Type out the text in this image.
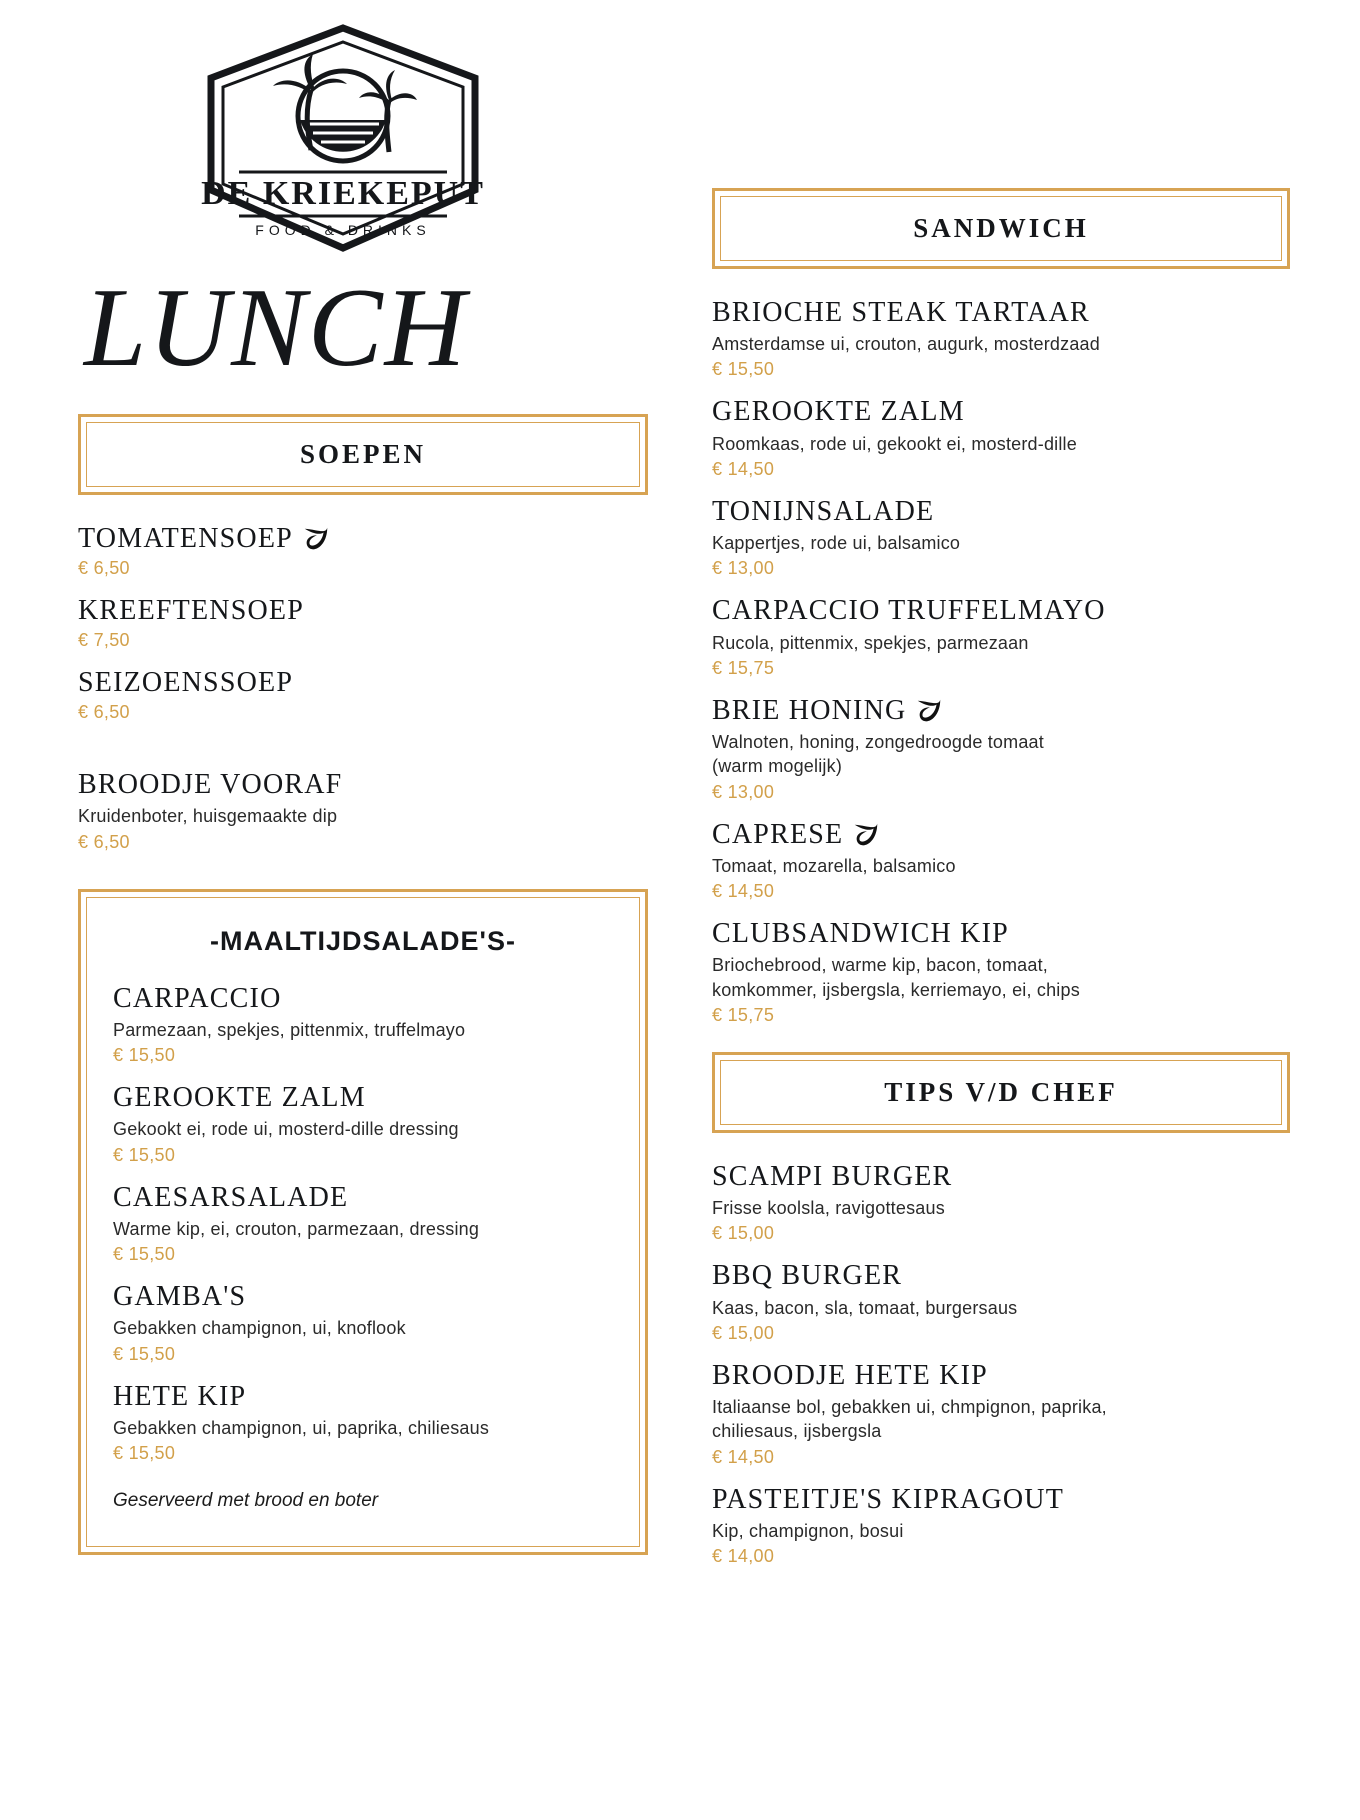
DE KRIEKEPUT
FOOD & DRINKS
LUNCH
SOEPEN
TOMATENSOEP
€ 6,50
KREEFTENSOEP
€ 7,50
SEIZOENSSOEP
€ 6,50
BROODJE VOORAF
Kruidenboter, huisgemaakte dip
€ 6,50
-MAALTIJDSALADE'S-
CARPACCIO
Parmezaan, spekjes, pittenmix, truffelmayo
€ 15,50
GEROOKTE ZALM
Gekookt ei, rode ui, mosterd-dille dressing
€ 15,50
CAESARSALADE
Warme kip, ei, crouton, parmezaan, dressing
€ 15,50
GAMBA'S
Gebakken champignon, ui, knoflook
€ 15,50
HETE KIP
Gebakken champignon, ui, paprika, chiliesaus
€ 15,50
Geserveerd met brood en boter
SANDWICH
BRIOCHE STEAK TARTAAR
Amsterdamse ui, crouton, augurk, mosterdzaad
€ 15,50
GEROOKTE ZALM
Roomkaas, rode ui, gekookt ei, mosterd-dille
€ 14,50
TONIJNSALADE
Kappertjes, rode ui, balsamico
€ 13,00
CARPACCIO TRUFFELMAYO
Rucola, pittenmix, spekjes, parmezaan
€ 15,75
BRIE HONING
Walnoten, honing, zongedroogde tomaat
(warm mogelijk)
€ 13,00
CAPRESE
Tomaat, mozarella, balsamico
€ 14,50
CLUBSANDWICH KIP
Briochebrood, warme kip, bacon, tomaat,
komkommer, ijsbergsla, kerriemayo, ei, chips
€ 15,75
TIPS V/D CHEF
SCAMPI BURGER
Frisse koolsla, ravigottesaus
€ 15,00
BBQ BURGER
Kaas, bacon, sla, tomaat, burgersaus
€ 15,00
BROODJE HETE KIP
Italiaanse bol, gebakken ui, chmpignon, paprika,
chiliesaus, ijsbergsla
€ 14,50
PASTEITJE'S KIPRAGOUT
Kip, champignon, bosui
€ 14,00
